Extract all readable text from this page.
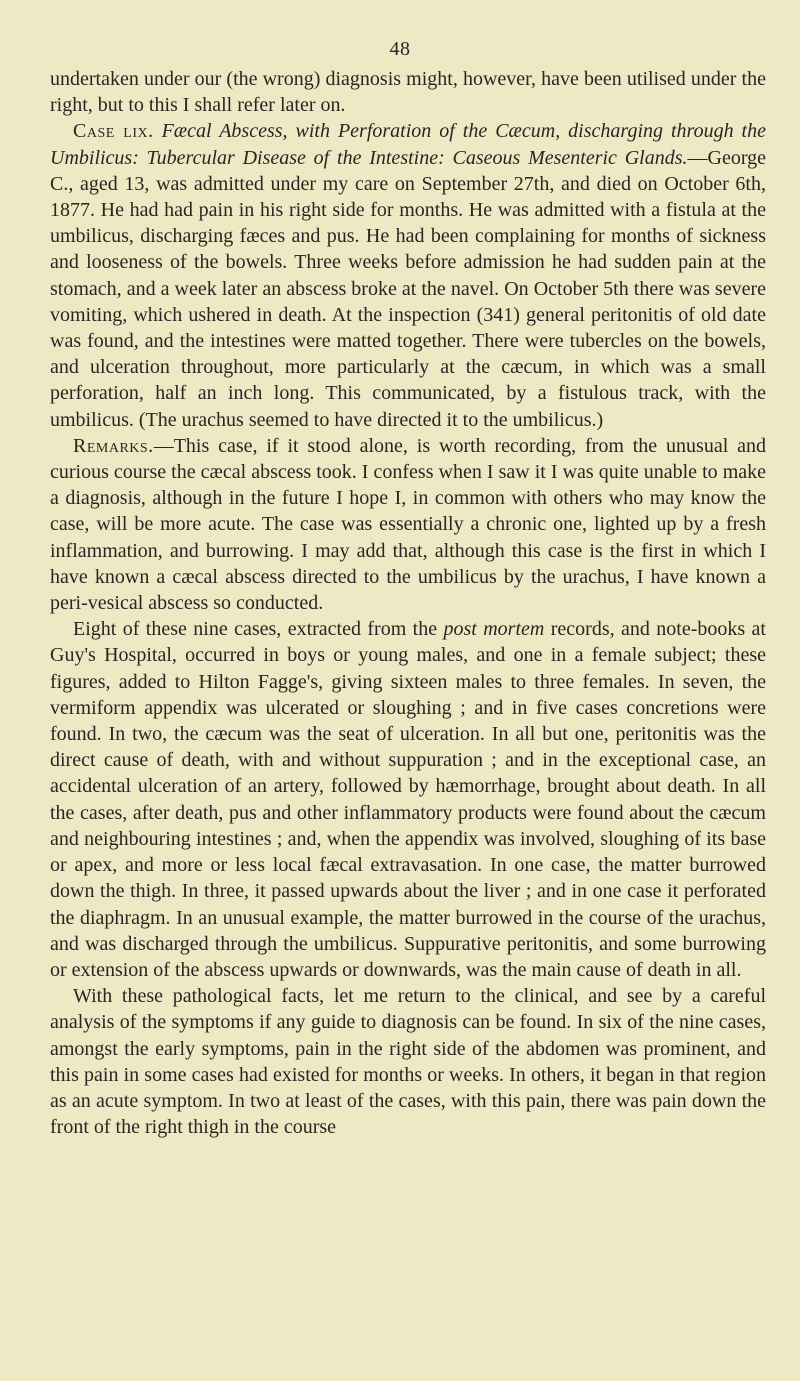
48

undertaken under our (the wrong) diagnosis might, however, have been utilised under the right, but to this I shall refer later on.

Case lix. Fæcal Abscess, with Perforation of the Cæcum, discharging through the Umbilicus: Tubercular Disease of the Intestine: Caseous Mesenteric Glands.—George C., aged 13, was admitted under my care on September 27th, and died on October 6th, 1877. He had had pain in his right side for months. He was admitted with a fistula at the umbilicus, discharging fæces and pus. He had been complaining for months of sickness and looseness of the bowels. Three weeks before admission he had sudden pain at the stomach, and a week later an abscess broke at the navel. On October 5th there was severe vomiting, which ushered in death. At the inspection (341) general peritonitis of old date was found, and the intestines were matted together. There were tubercles on the bowels, and ulceration throughout, more particularly at the cæcum, in which was a small perforation, half an inch long. This communicated, by a fistulous track, with the umbilicus. (The urachus seemed to have directed it to the umbilicus.)

Remarks.—This case, if it stood alone, is worth recording, from the unusual and curious course the cæcal abscess took. I confess when I saw it I was quite unable to make a diagnosis, although in the future I hope I, in common with others who may know the case, will be more acute. The case was essentially a chronic one, lighted up by a fresh inflammation, and burrowing. I may add that, although this case is the first in which I have known a cæcal abscess directed to the umbilicus by the urachus, I have known a peri-vesical abscess so conducted.

Eight of these nine cases, extracted from the post mortem records, and note-books at Guy's Hospital, occurred in boys or young males, and one in a female subject; these figures, added to Hilton Fagge's, giving sixteen males to three females. In seven, the vermiform appendix was ulcerated or sloughing ; and in five cases concretions were found. In two, the cæcum was the seat of ulceration. In all but one, peritonitis was the direct cause of death, with and without suppuration ; and in the exceptional case, an accidental ulceration of an artery, followed by hæmorrhage, brought about death. In all the cases, after death, pus and other inflammatory products were found about the cæcum and neighbouring intestines ; and, when the appendix was involved, sloughing of its base or apex, and more or less local fæcal extravasation. In one case, the matter burrowed down the thigh. In three, it passed upwards about the liver ; and in one case it perforated the diaphragm. In an unusual example, the matter burrowed in the course of the urachus, and was discharged through the umbilicus. Suppurative peritonitis, and some burrowing or extension of the abscess upwards or downwards, was the main cause of death in all.

With these pathological facts, let me return to the clinical, and see by a careful analysis of the symptoms if any guide to diagnosis can be found. In six of the nine cases, amongst the early symptoms, pain in the right side of the abdomen was prominent, and this pain in some cases had existed for months or weeks. In others, it began in that region as an acute symptom. In two at least of the cases, with this pain, there was pain down the front of the right thigh in the course
